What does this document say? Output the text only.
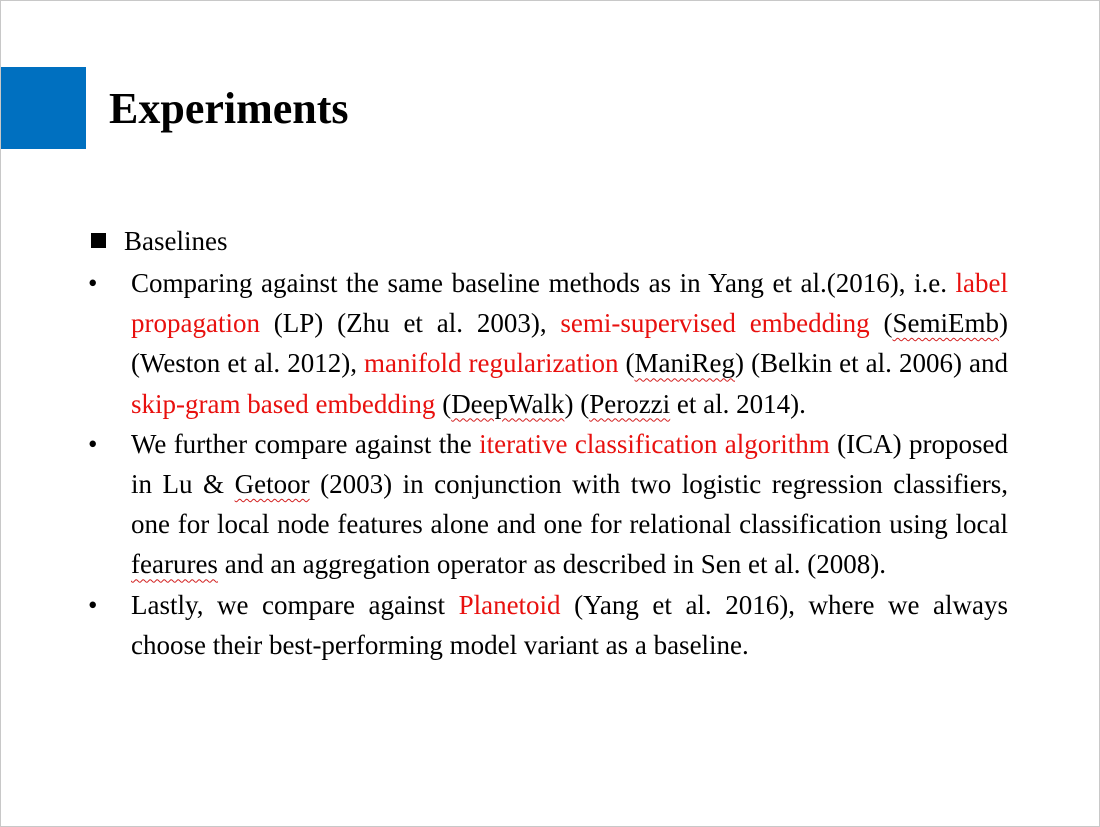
Experiments
Baselines
•	Comparing against the same baseline methods as in Yang et al.(2016), i.e. label propagation (LP) (Zhu et al. 2003), semi-supervised embedding (SemiEmb) (Weston et al. 2012), manifold regularization (ManiReg) (Belkin et al. 2006) and skip-gram based embedding (DeepWalk) (Perozzi et al. 2014).
•	We further compare against the iterative classification algorithm (ICA) proposed in Lu & Getoor (2003) in conjunction with two logistic regression classifiers, one for local node features alone and one for relational classification using local fearures and an aggregation operator as described in Sen et al. (2008).
•	Lastly, we compare against Planetoid (Yang et al. 2016), where we always choose their best-performing model variant as a baseline.
